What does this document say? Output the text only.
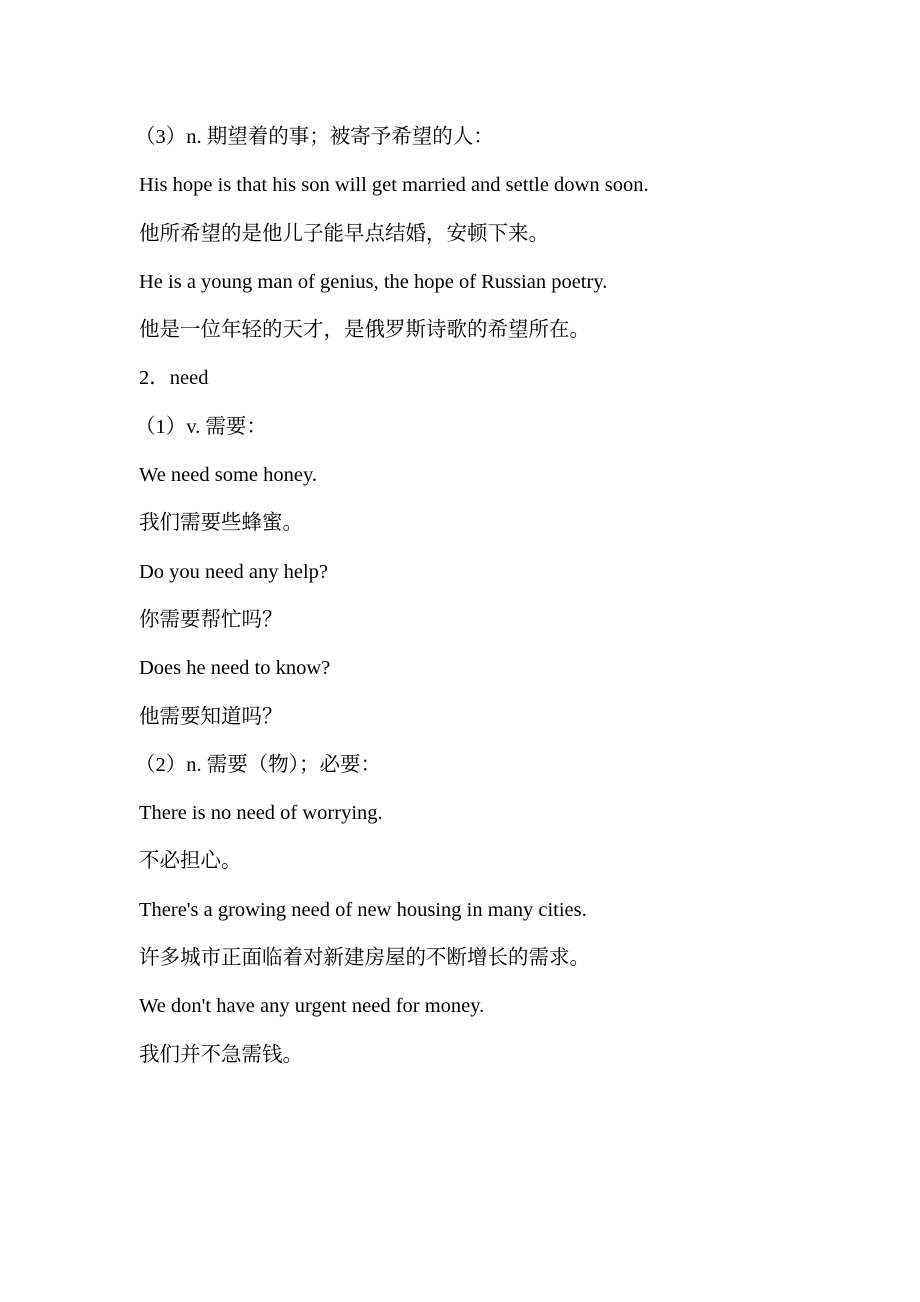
（3）n. 期望着的事；被寄予希望的人：
His hope is that his son will get married and settle down soon.
他所希望的是他儿子能早点结婚，安顿下来。
He is a young man of genius, the hope of Russian poetry.
他是一位年轻的天才，是俄罗斯诗歌的希望所在。
2．need
（1）v. 需要：
We need some honey.
我们需要些蜂蜜。
Do you need any help?
你需要帮忙吗？
Does he need to know?
他需要知道吗？
（2）n. 需要（物）；必要：
There is no need of worrying.
不必担心。
There's a growing need of new housing in many cities.
许多城市正面临着对新建房屋的不断增长的需求。
We don't have any urgent need for money.
我们并不急需钱。
